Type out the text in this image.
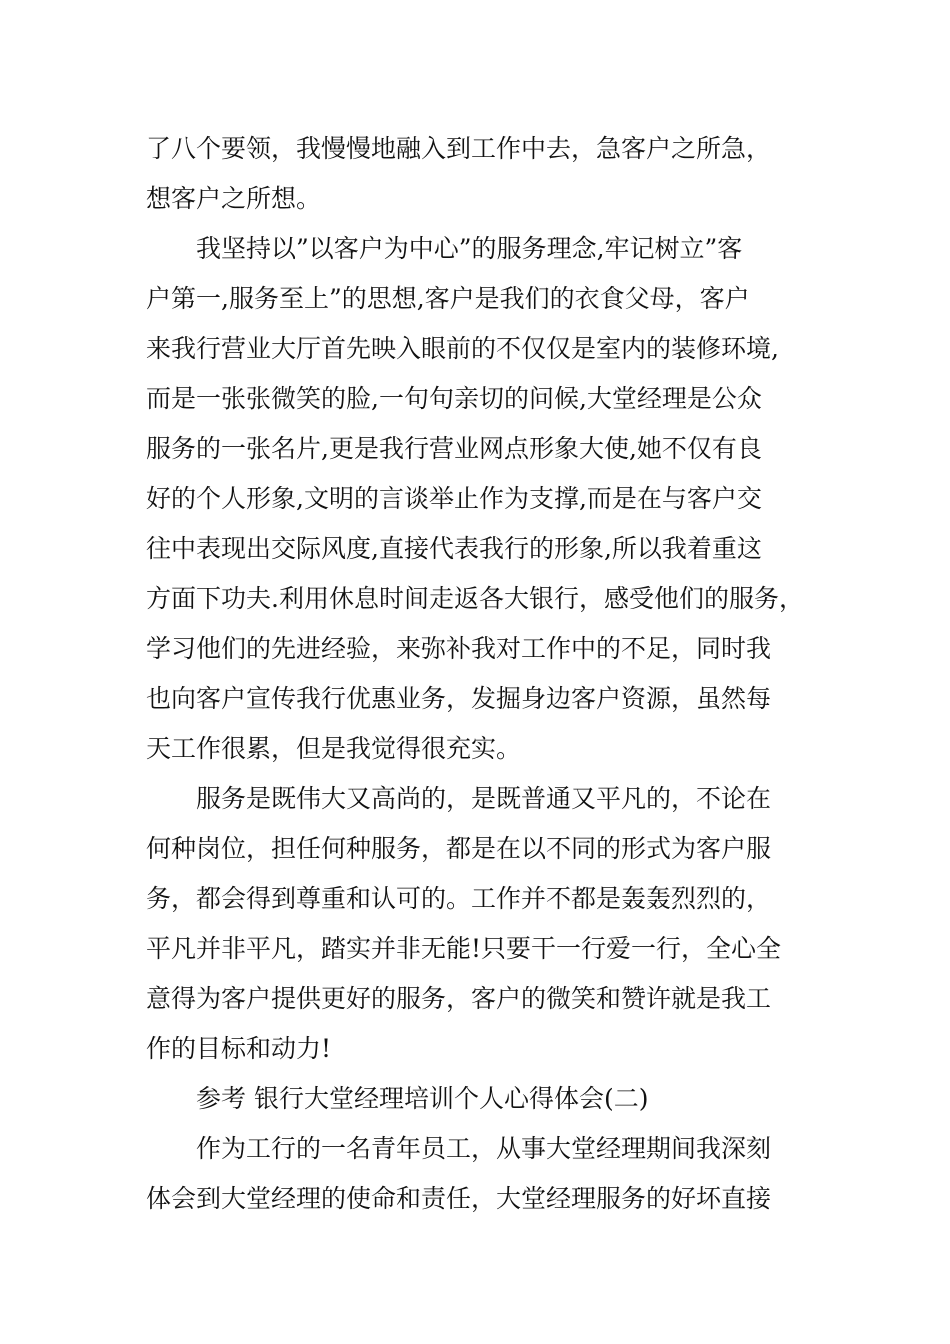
了八个要领，我慢慢地融入到工作中去，急客户之所急，
想客户之所想。
我坚持以”以客户为中心”的服务理念,牢记树立”客
户第一,服务至上”的思想,客户是我们的衣食父母，客户
来我行营业大厅首先映入眼前的不仅仅是室内的装修环境,
而是一张张微笑的脸,一句句亲切的问候,大堂经理是公众
服务的一张名片,更是我行营业网点形象大使,她不仅有良
好的个人形象,文明的言谈举止作为支撑,而是在与客户交
往中表现出交际风度,直接代表我行的形象,所以我着重这
方面下功夫.利用休息时间走返各大银行，感受他们的服务，
学习他们的先进经验，来弥补我对工作中的不足，同时我
也向客户宣传我行优惠业务，发掘身边客户资源，虽然每
天工作很累，但是我觉得很充实。
服务是既伟大又高尚的，是既普通又平凡的，不论在
何种岗位，担任何种服务，都是在以不同的形式为客户服
务，都会得到尊重和认可的。工作并不都是轰轰烈烈的，
平凡并非平凡，踏实并非无能!只要干一行爱一行，全心全
意得为客户提供更好的服务，客户的微笑和赞许就是我工
作的目标和动力!
参考 银行大堂经理培训个人心得体会(二)
作为工行的一名青年员工，从事大堂经理期间我深刻
体会到大堂经理的使命和责任，大堂经理服务的好坏直接
